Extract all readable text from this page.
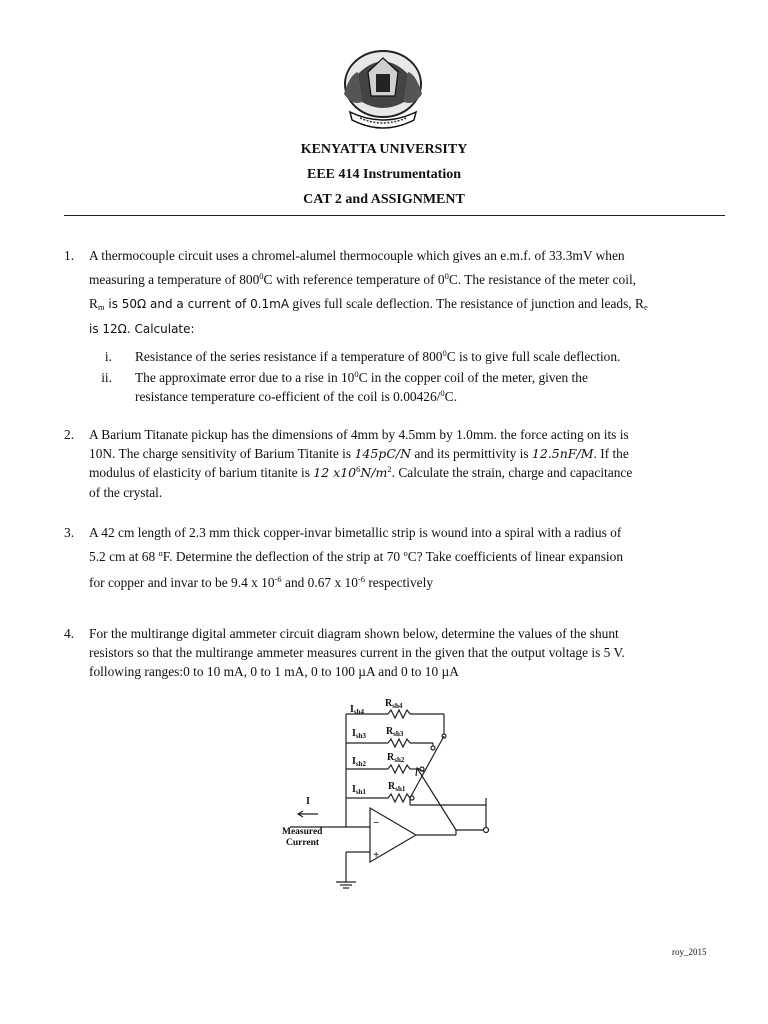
KENYATTA UNIVERSITY
EEE 414 Instrumentation
CAT 2 and ASSIGNMENT
1. A thermocouple circuit uses a chromel-alumel thermocouple which gives an e.m.f. of 33.3mV when
measuring a temperature of $800^0C$ with reference temperature of $0^0C$. The resistance of the meter coil,
$R_m$ is 50Ω and a current of 0.1mA gives full scale deflection. The resistance of junction and leads, $R_e$
is 12Ω. Calculate:
i. Resistance of the series resistance if a temperature of $800^0C$ is to give full scale deflection.
ii. The approximate error due to a rise in $10^0C$ in the copper coil of the meter, given the
resistance temperature co-efficient of the coil is 0.00426/$^0$C.
2. A Barium Titanate pickup has the dimensions of 4mm by 4.5mm by 1.0mm. the force acting on its is
10N. The charge sensitivity of Barium Titanite is 145pC/N and its permittivity is 12.5nF/M. If the
modulus of elasticity of barium titanite is 12 $x10^6N/m^2$. Calculate the strain, charge and capacitance
of the crystal.
3. A 42 cm length of 2.3 mm thick copper-invar bimetallic strip is wound into a spiral with a radius of
5.2 cm at 68 $^o$F. Determine the deflection of the strip at 70 $^o$C? Take coefficients of linear expansion
for copper and invar to be 9.4 x $10^{-6}$ and 0.67 x $10^{-6}$ respectively
4. For the multirange digital ammeter circuit diagram shown below, determine the values of the shunt
resistors so that the multirange ammeter measures current in the given that the output voltage is 5 V.
following ranges:0 to 10 mA, 0 to 1 mA, 0 to 100 µA and 0 to 10 µA
$I_{sh}4$
$R_{sh}4$
$I_{sh}3$ $R_{sh}3$
$I_{sh}2$
$R_{sh}2$
$I_{sh}1$ $R_{sh}1$
I
−
+
Measured
Current
roy_2015
